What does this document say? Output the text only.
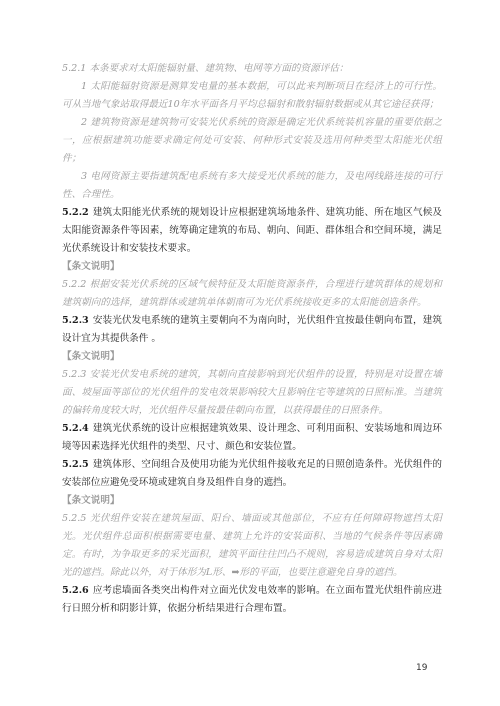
5.2.1 本条要求对太阳能辐射量、建筑物、电网等方面的资源评估：

1 太阳能辐射资源是测算发电量的基本数据，可以此来判断项目在经济上的可行性。可从当地气象站取得最近10年水平面各月平均总辐射和散射辐射数据或从其它途径获得；

2 建筑物资源是建筑物可安装光伏系统的资源是确定光伏系统装机容量的重要依据之一，应根据建筑功能要求确定何处可安装、何种形式安装及选用何种类型太阳能光伏组件；

3 电网资源主要指建筑配电系统有多大接受光伏系统的能力，及电网线路连接的可行性、合理性。

5.2.2 建筑太阳能光伏系统的规划设计应根据建筑场地条件、建筑功能、所在地区气候及太阳能资源条件等因素，统筹确定建筑的布局、朝向、间距、群体组合和空间环境，满足光伏系统设计和安装技术要求。

【条文说明】

5.2.2 根据安装光伏系统的区域气候特征及太阳能资源条件，合理进行建筑群体的规划和建筑朝向的选择，建筑群体或建筑单体朝南可为光伏系统接收更多的太阳能创造条件。

5.2.3 安装光伏发电系统的建筑主要朝向不为南向时，光伏组件宜按最佳朝向布置，建筑设计宜为其提供条件 。

【条文说明】

5.2.3 安装光伏发电系统的建筑，其朝向直接影响到光伏组件的设置，特别是对设置在墙面、坡屋面等部位的光伏组件的发电效果影响较大且影响住宅等建筑的日照标准。当建筑的偏转角度较大时，光伏组件尽量按最佳朝向布置，以获得最佳的日照条件。

5.2.4 建筑光伏系统的设计应根据建筑效果、设计理念、可利用面积、安装场地和周边环境等因素选择光伏组件的类型、尺寸、颜色和安装位置。

5.2.5 建筑体形、空间组合及使用功能为光伏组件接收充足的日照创造条件。光伏组件的安装部位应避免受环境或建筑自身及组件自身的遮挡。

【条文说明】

5.2.5 光伏组件安装在建筑屋面、阳台、墙面或其他部位，不应有任何障碍物遮挡太阳光。光伏组件总面积根据需要电量、建筑上允许的安装面积、当地的气候条件等因素确定。有时，为争取更多的采光面积，建筑平面往往凹凸不规则，容易造成建筑自身对太阳光的遮挡。除此以外，对于体形为L形、➡形的平面，也要注意避免自身的遮挡。

5.2.6 应考虑墙面各类突出构件对立面光伏发电效率的影响。在立面布置光伏组件前应进行日照分析和阴影计算，依据分析结果进行合理布置。

19
